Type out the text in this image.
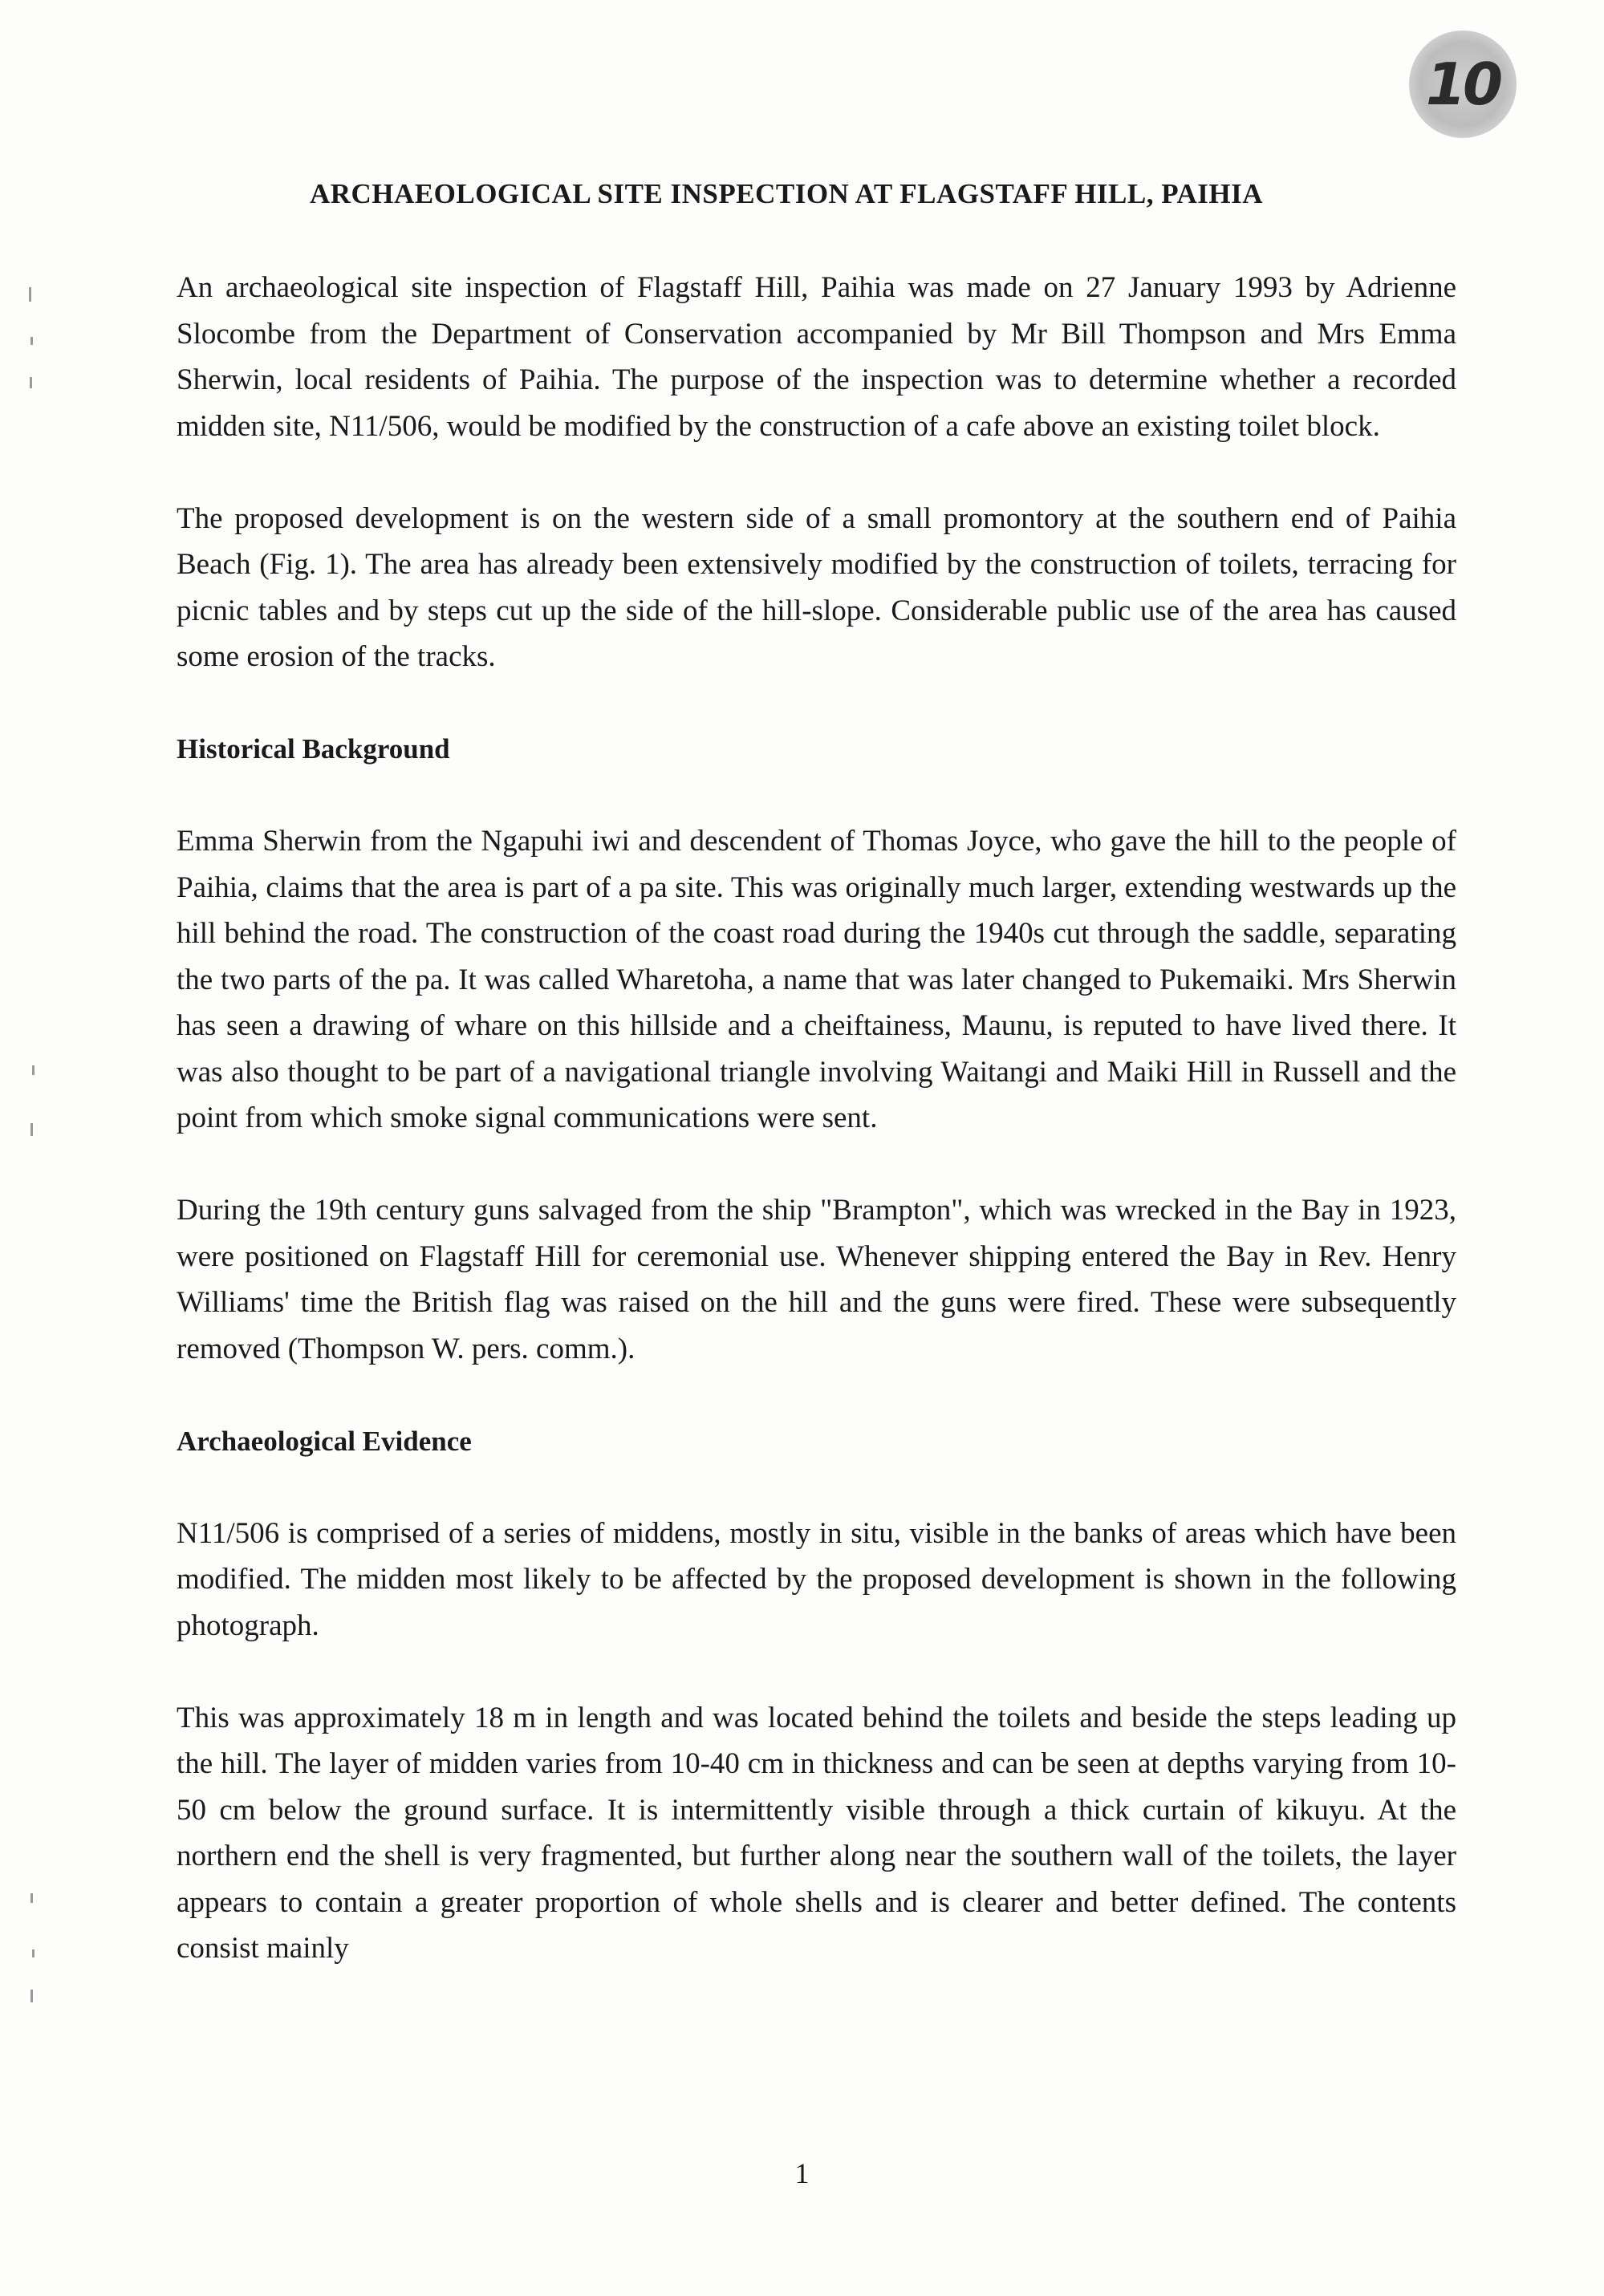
10
ARCHAEOLOGICAL SITE INSPECTION AT FLAGSTAFF HILL, PAIHIA

An archaeological site inspection of Flagstaff Hill, Paihia was made on 27 January 1993 by Adrienne Slocombe from the Department of Conservation accompanied by Mr Bill Thompson and Mrs Emma Sherwin, local residents of Paihia. The purpose of the inspection was to determine whether a recorded midden site, N11/506, would be modified by the construction of a cafe above an existing toilet block.

The proposed development is on the western side of a small promontory at the southern end of Paihia Beach (Fig. 1). The area has already been extensively modified by the construction of toilets, terracing for picnic tables and by steps cut up the side of the hill-slope. Considerable public use of the area has caused some erosion of the tracks.

Historical Background

Emma Sherwin from the Ngapuhi iwi and descendent of Thomas Joyce, who gave the hill to the people of Paihia, claims that the area is part of a pa site. This was originally much larger, extending westwards up the hill behind the road. The construction of the coast road during the 1940s cut through the saddle, separating the two parts of the pa. It was called Wharetoha, a name that was later changed to Pukemaiki. Mrs Sherwin has seen a drawing of whare on this hillside and a cheiftainess, Maunu, is reputed to have lived there. It was also thought to be part of a navigational triangle involving Waitangi and Maiki Hill in Russell and the point from which smoke signal communications were sent.

During the 19th century guns salvaged from the ship "Brampton", which was wrecked in the Bay in 1923, were positioned on Flagstaff Hill for ceremonial use. Whenever shipping entered the Bay in Rev. Henry Williams' time the British flag was raised on the hill and the guns were fired. These were subsequently removed (Thompson W. pers. comm.).

Archaeological Evidence

N11/506 is comprised of a series of middens, mostly in situ, visible in the banks of areas which have been modified. The midden most likely to be affected by the proposed development is shown in the following photograph.

This was approximately 18 m in length and was located behind the toilets and beside the steps leading up the hill. The layer of midden varies from 10-40 cm in thickness and can be seen at depths varying from 10-50 cm below the ground surface. It is intermittently visible through a thick curtain of kikuyu. At the northern end the shell is very fragmented, but further along near the southern wall of the toilets, the layer appears to contain a greater proportion of whole shells and is clearer and better defined. The contents consist mainly

1
